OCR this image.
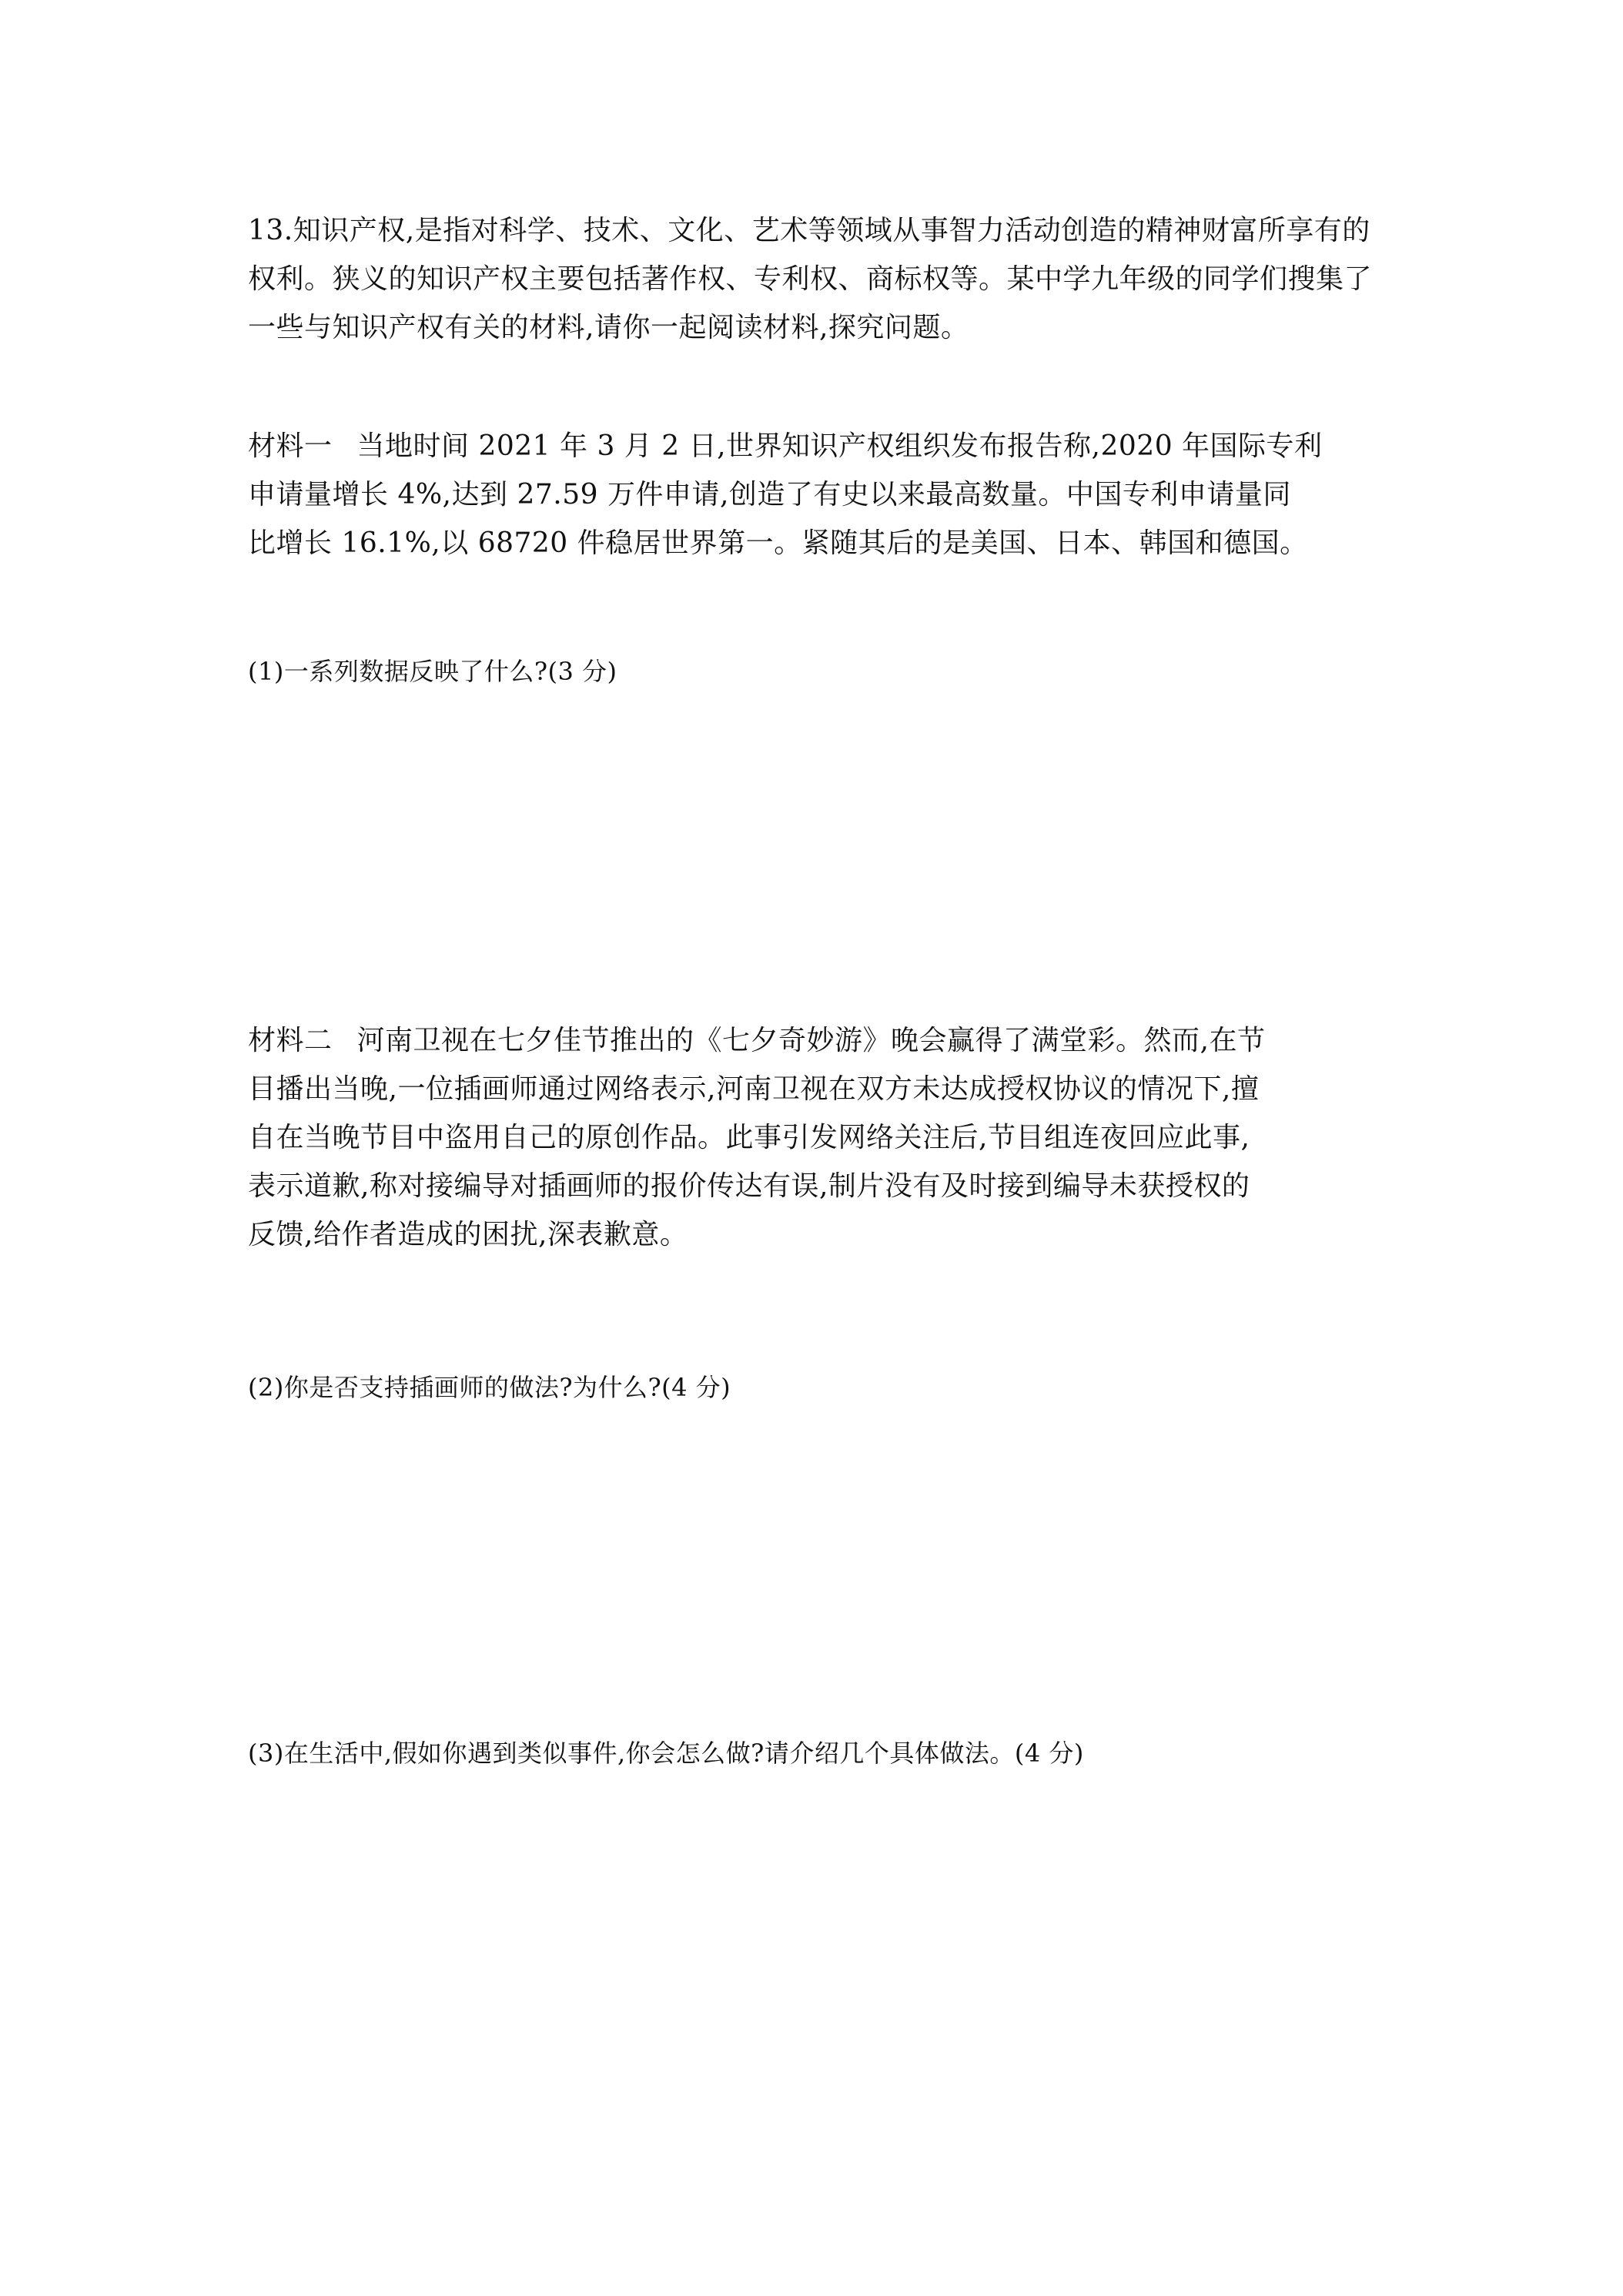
13.知识产权,是指对科学、技术、文化、艺术等领域从事智力活动创造的精神财富所享有的
权利。狭义的知识产权主要包括著作权、专利权、商标权等。某中学九年级的同学们搜集了
一些与知识产权有关的材料,请你一起阅读材料,探究问题。
材料一 当地时间 2021 年 3 月 2 日,世界知识产权组织发布报告称,2020 年国际专利
申请量增长 4%,达到 27.59 万件申请,创造了有史以来最高数量。中国专利申请量同
比增长 16.1%,以 68720 件稳居世界第一。紧随其后的是美国、日本、韩国和德国。
(1)一系列数据反映了什么?(3 分)
材料二 河南卫视在七夕佳节推出的《七夕奇妙游》晚会赢得了满堂彩。然而,在节
目播出当晚,一位插画师通过网络表示,河南卫视在双方未达成授权协议的情况下,擅
自在当晚节目中盗用自己的原创作品。此事引发网络关注后,节目组连夜回应此事,
表示道歉,称对接编导对插画师的报价传达有误,制片没有及时接到编导未获授权的
反馈,给作者造成的困扰,深表歉意。
(2)你是否支持插画师的做法?为什么?(4 分)
(3)在生活中,假如你遇到类似事件,你会怎么做?请介绍几个具体做法。(4 分)
